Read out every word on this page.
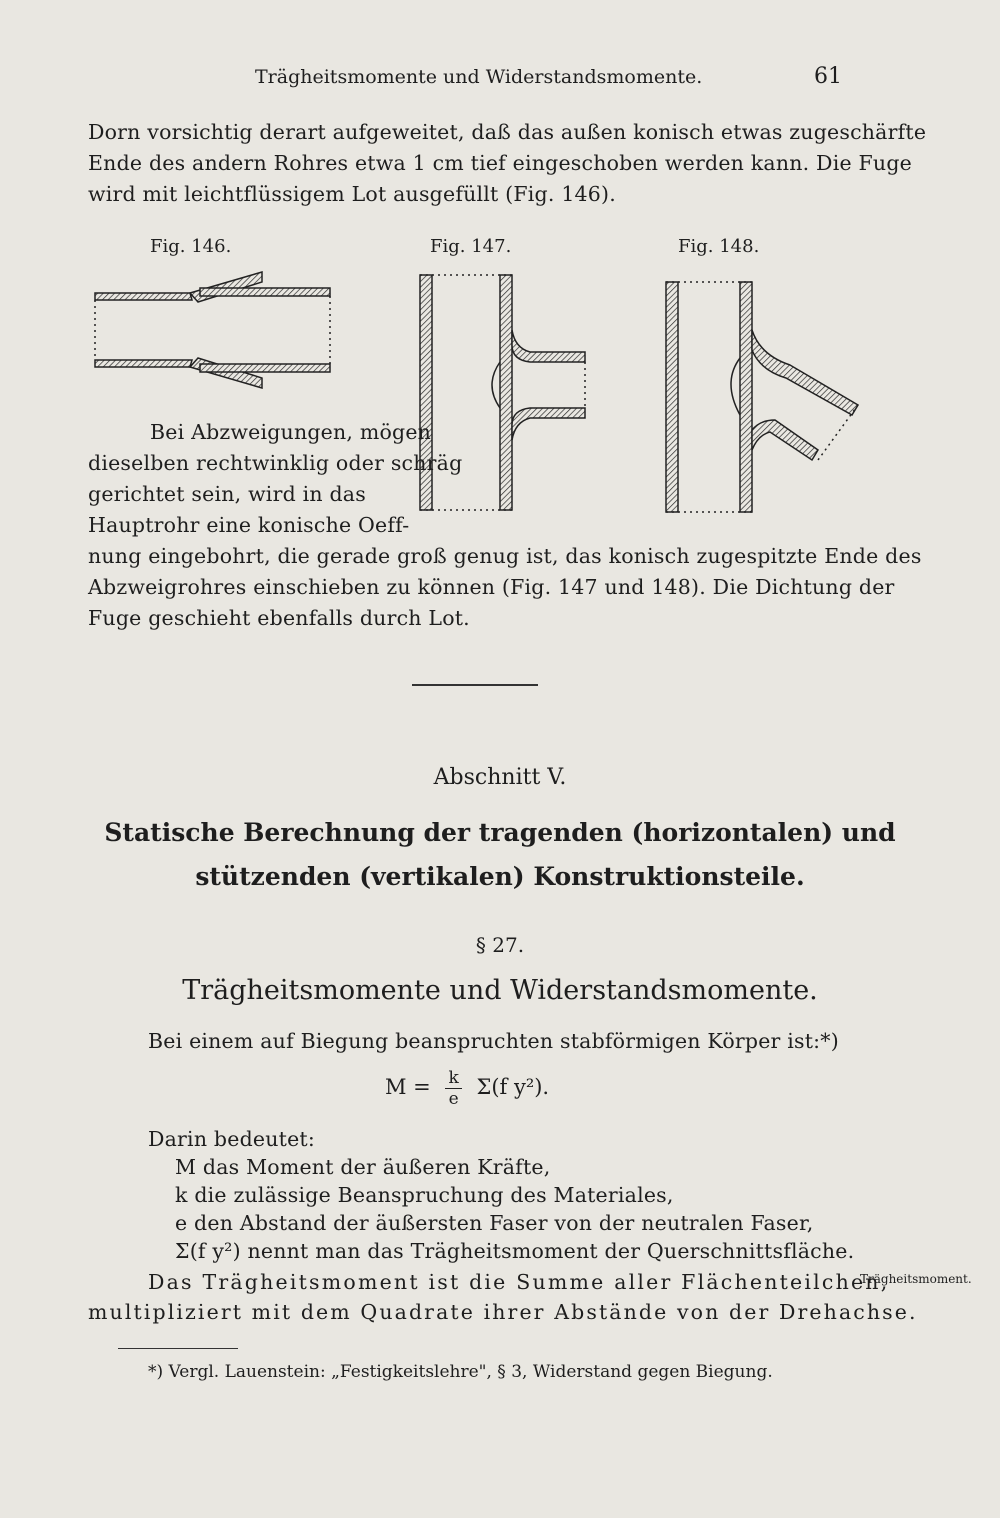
Trägheitsmomente und Widerstandsmomente.	61
Dorn vorsichtig derart aufgeweitet, daß das außen konisch etwas zugeschärfte
Ende des andern Rohres etwa 1 cm tief eingeschoben werden kann. Die Fuge
wird mit leichtflüssigem Lot ausgefüllt (Fig. 146).
Fig. 146.	Fig. 147.	Fig. 148.
Bei Abzweigungen, mögen
dieselben rechtwinklig oder schräg
gerichtet sein, wird in das
Hauptrohr eine konische Oeff-
nung eingebohrt, die gerade groß genug ist, das konisch zugespitzte Ende des
Abzweigrohres einschieben zu können (Fig. 147 und 148). Die Dichtung der
Fuge geschieht ebenfalls durch Lot.
Abschnitt V.
Statische Berechnung der tragenden (horizontalen) und
stützenden (vertikalen) Konstruktionsteile.
§ 27.
Trägheitsmomente und Widerstandsmomente.
Bei einem auf Biegung beanspruchten stabförmigen Körper ist:*)
$M = \frac{k}{e} \Sigma(f$ y²).
Darin bedeutet:
M das Moment der äußeren Kräfte,
k die zulässige Beanspruchung des Materiales,
e den Abstand der äußersten Faser von der neutralen Faser,
Σ(f y²) nennt man das Trägheitsmoment der Querschnittsfläche.
Das Trägheitsmoment ist die Summe aller Flächenteilchen,
Trägheitsmoment.
multipliziert mit dem Quadrate ihrer Abstände von der Drehachse.
*) Vergl. Lauenstein: „Festigkeitslehre", § 3, Widerstand gegen Biegung.
